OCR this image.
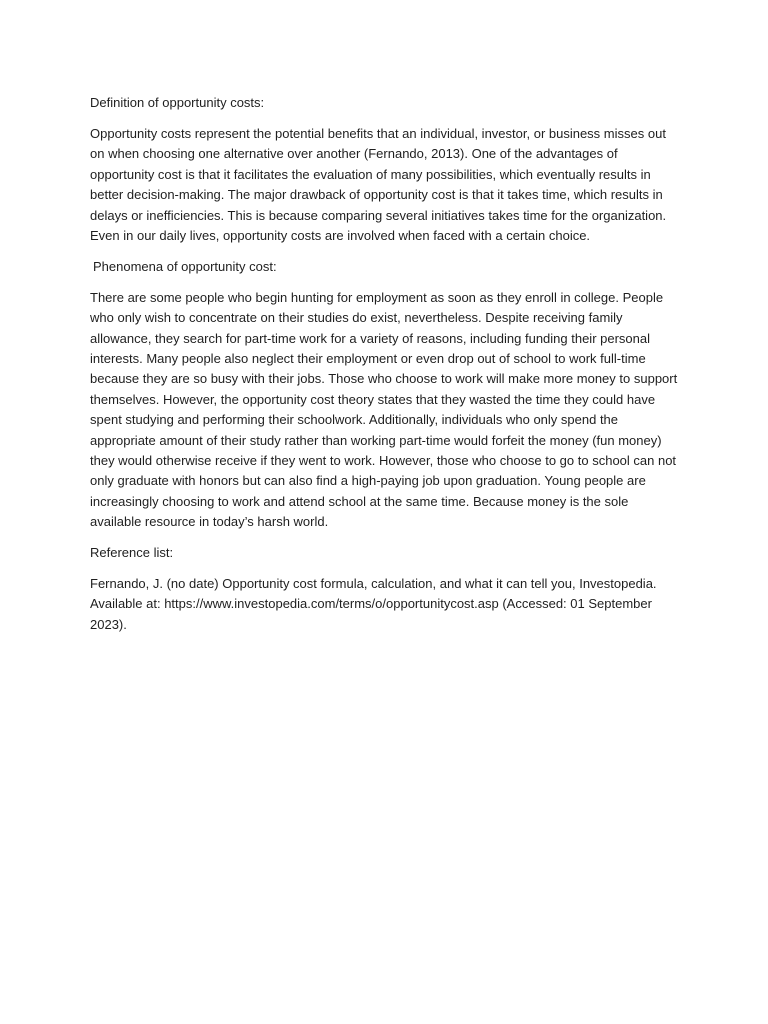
Definition of opportunity costs:

Opportunity costs represent the potential benefits that an individual, investor, or business misses out on when choosing one alternative over another (Fernando, 2013). One of the advantages of opportunity cost is that it facilitates the evaluation of many possibilities, which eventually results in better decision-making. The major drawback of opportunity cost is that it takes time, which results in delays or inefficiencies. This is because comparing several initiatives takes time for the organization. Even in our daily lives, opportunity costs are involved when faced with a certain choice.

Phenomena of opportunity cost:

There are some people who begin hunting for employment as soon as they enroll in college. People who only wish to concentrate on their studies do exist, nevertheless. Despite receiving family allowance, they search for part-time work for a variety of reasons, including funding their personal interests. Many people also neglect their employment or even drop out of school to work full-time because they are so busy with their jobs. Those who choose to work will make more money to support themselves. However, the opportunity cost theory states that they wasted the time they could have spent studying and performing their schoolwork. Additionally, individuals who only spend the appropriate amount of their study rather than working part-time would forfeit the money (fun money) they would otherwise receive if they went to work. However, those who choose to go to school can not only graduate with honors but can also find a high-paying job upon graduation. Young people are increasingly choosing to work and attend school at the same time. Because money is the sole available resource in today’s harsh world.

Reference list:

Fernando, J. (no date) Opportunity cost formula, calculation, and what it can tell you, Investopedia. Available at: https://www.investopedia.com/terms/o/opportunitycost.asp (Accessed: 01 September 2023).
